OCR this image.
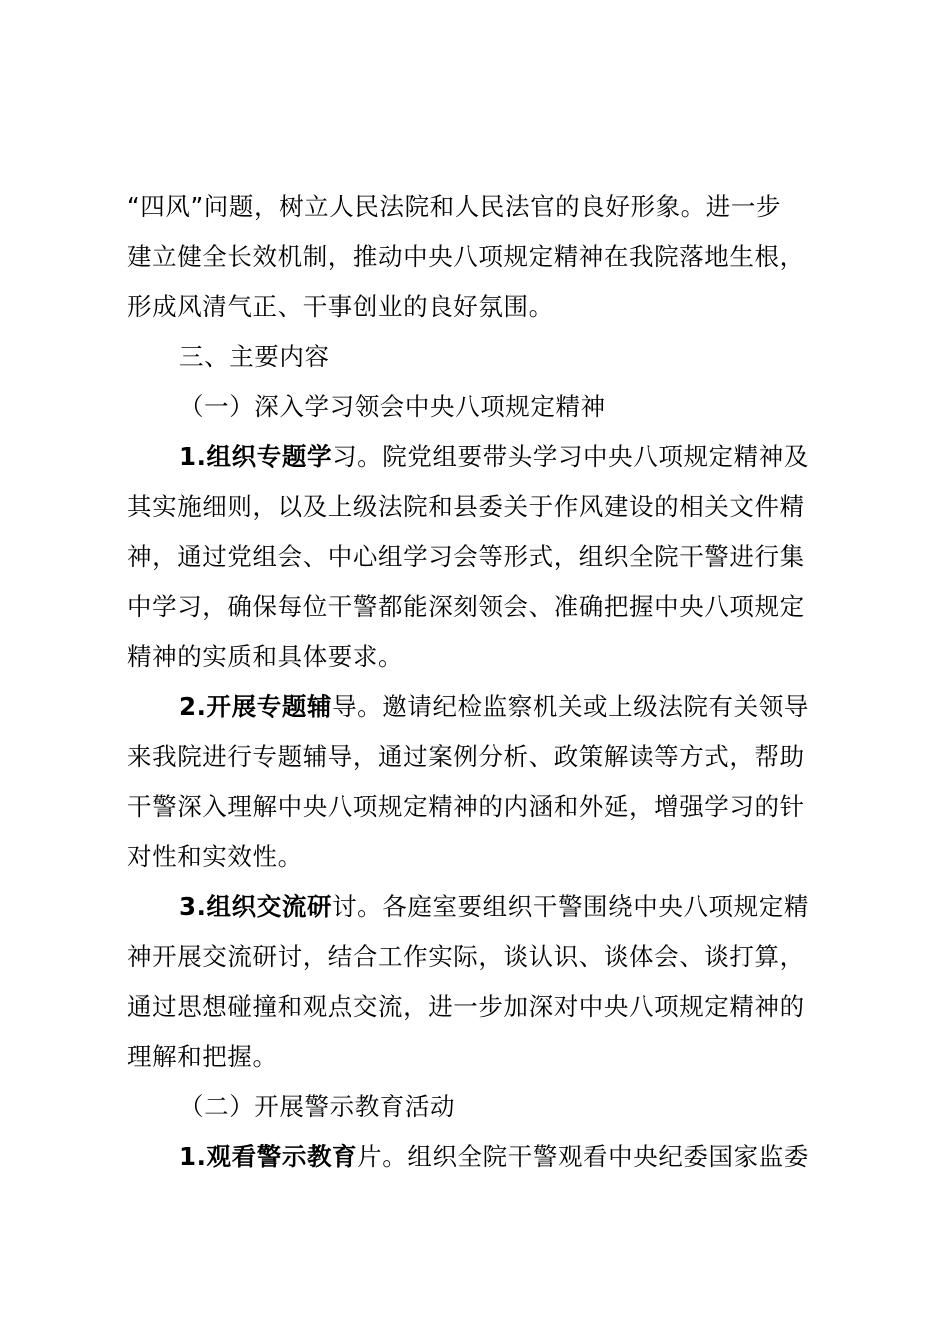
“四风”问题，树立人民法院和人民法官的良好形象。进一步

建立健全长效机制，推动中央八项规定精神在我院落地生根，

形成风清气正、干事创业的良好氛围。

三、主要内容

（一）深入学习领会中央八项规定精神

1.组织专题学习。院党组要带头学习中央八项规定精神及

其实施细则，以及上级法院和县委关于作风建设的相关文件精

神，通过党组会、中心组学习会等形式，组织全院干警进行集

中学习，确保每位干警都能深刻领会、准确把握中央八项规定

精神的实质和具体要求。

2.开展专题辅导。邀请纪检监察机关或上级法院有关领导

来我院进行专题辅导，通过案例分析、政策解读等方式，帮助

干警深入理解中央八项规定精神的内涵和外延，增强学习的针

对性和实效性。

3.组织交流研讨。各庭室要组织干警围绕中央八项规定精

神开展交流研讨，结合工作实际，谈认识、谈体会、谈打算，

通过思想碰撞和观点交流，进一步加深对中央八项规定精神的

理解和把握。

（二）开展警示教育活动

1.观看警示教育片。组织全院干警观看中央纪委国家监委
